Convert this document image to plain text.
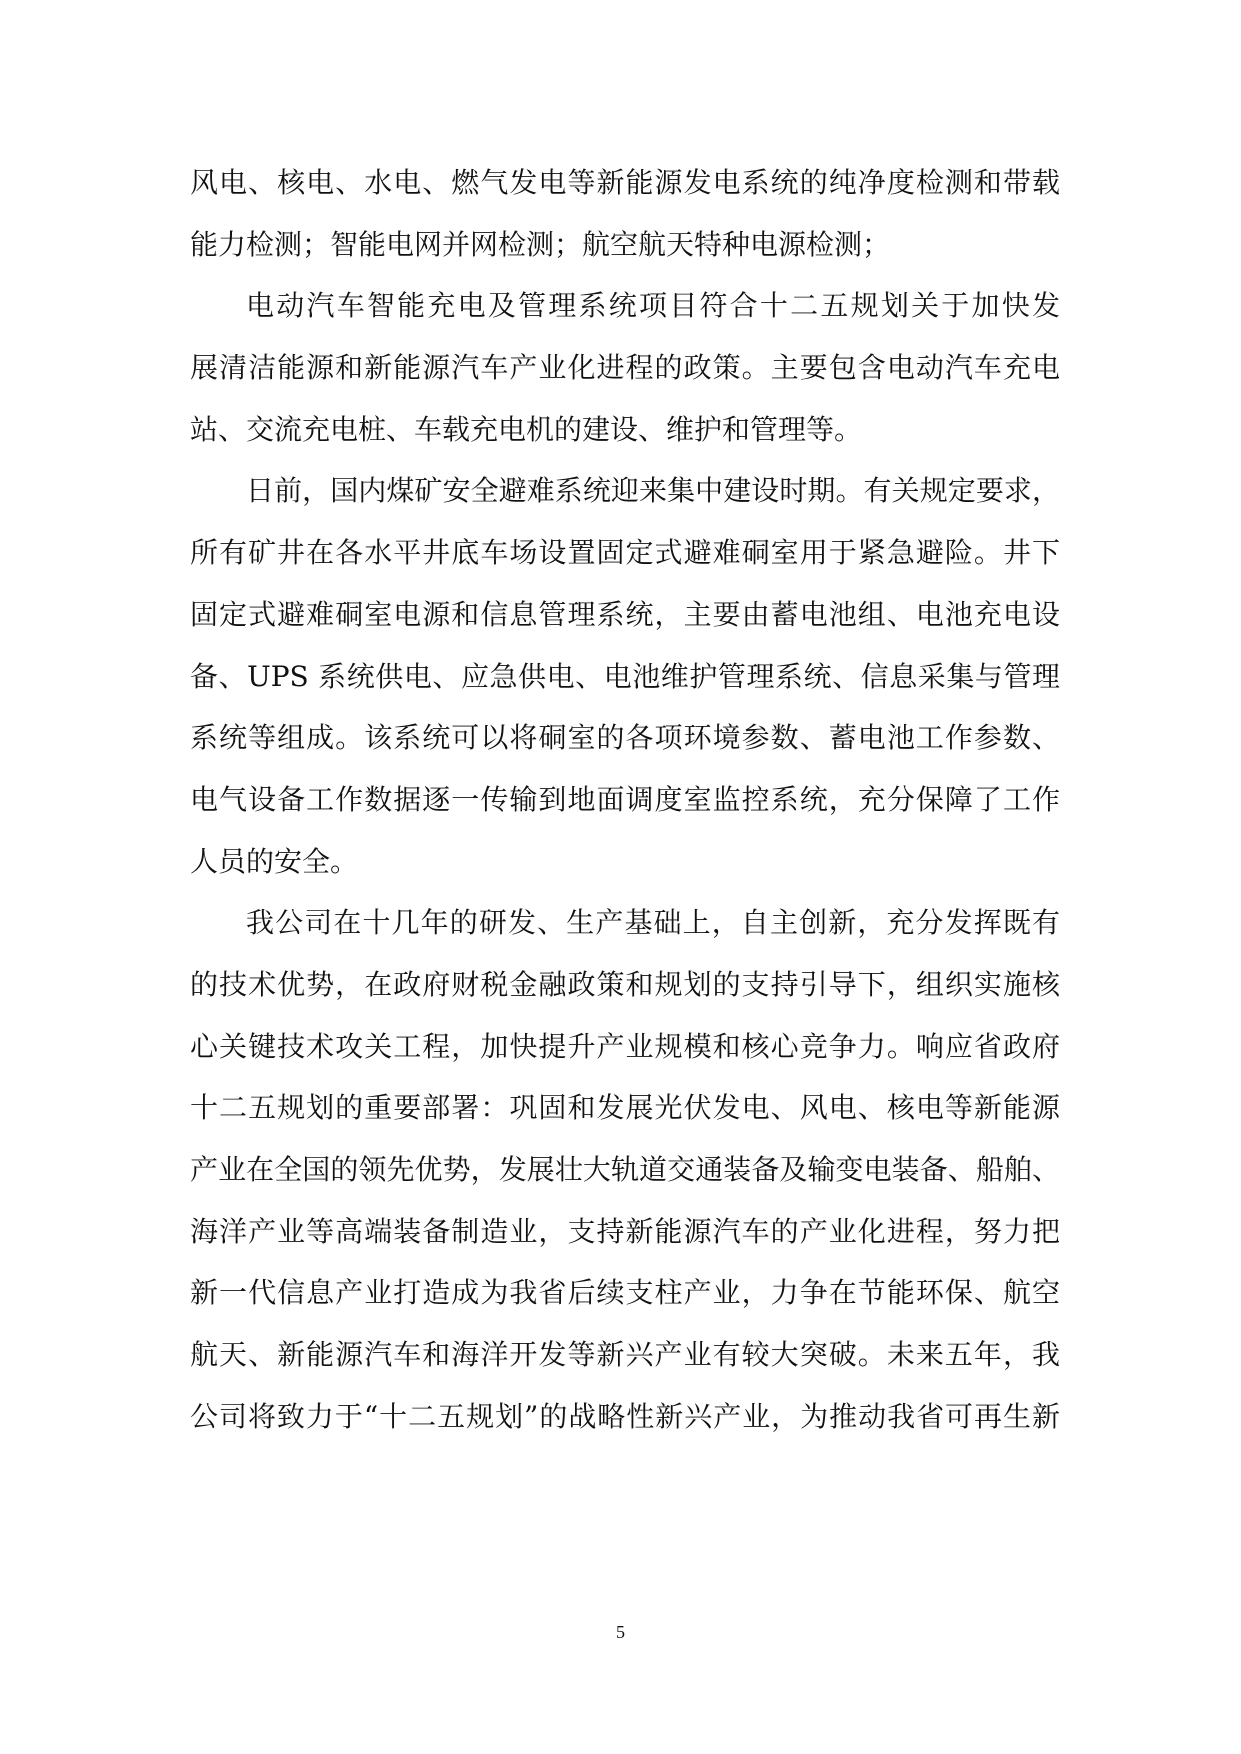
风电、核电、水电、燃气发电等新能源发电系统的纯净度检测和带载
能力检测；智能电网并网检测；航空航天特种电源检测；
电动汽车智能充电及管理系统项目符合十二五规划关于加快发
展清洁能源和新能源汽车产业化进程的政策。主要包含电动汽车充电
站、交流充电桩、车载充电机的建设、维护和管理等。
日前，国内煤矿安全避难系统迎来集中建设时期。有关规定要求，
所有矿井在各水平井底车场设置固定式避难硐室用于紧急避险。井下
固定式避难硐室电源和信息管理系统，主要由蓄电池组、电池充电设
备、UPS 系统供电、应急供电、电池维护管理系统、信息采集与管理
系统等组成。该系统可以将硐室的各项环境参数、蓄电池工作参数、
电气设备工作数据逐一传输到地面调度室监控系统，充分保障了工作
人员的安全。
我公司在十几年的研发、生产基础上，自主创新，充分发挥既有
的技术优势，在政府财税金融政策和规划的支持引导下，组织实施核
心关键技术攻关工程，加快提升产业规模和核心竞争力。响应省政府
十二五规划的重要部署：巩固和发展光伏发电、风电、核电等新能源
产业在全国的领先优势，发展壮大轨道交通装备及输变电装备、船舶、
海洋产业等高端装备制造业，支持新能源汽车的产业化进程，努力把
新一代信息产业打造成为我省后续支柱产业，力争在节能环保、航空
航天、新能源汽车和海洋开发等新兴产业有较大突破。未来五年，我
公司将致力于“十二五规划”的战略性新兴产业，为推动我省可再生新
5
